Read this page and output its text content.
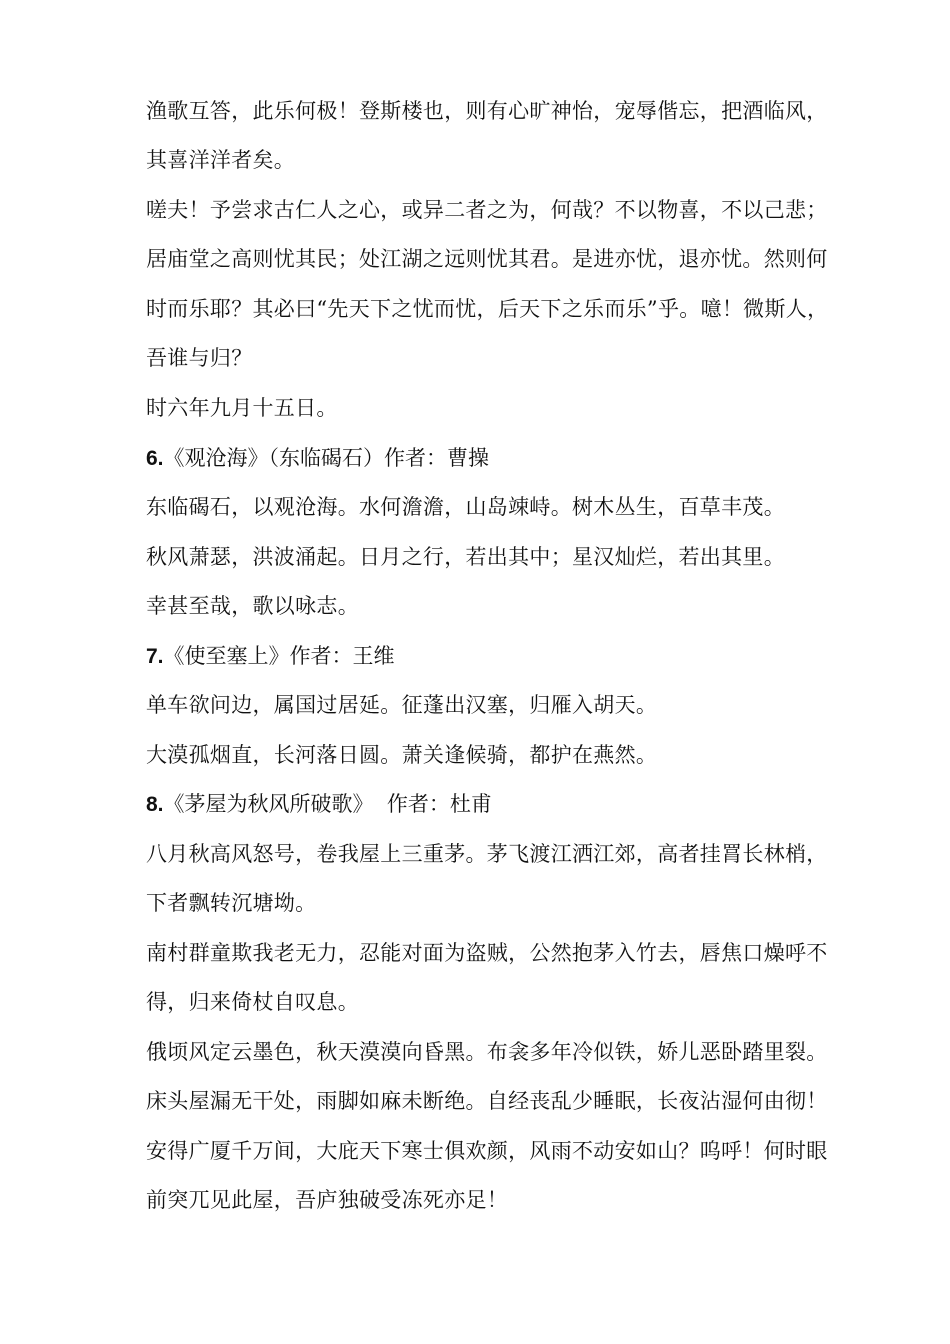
渔歌互答，此乐何极！登斯楼也，则有心旷神怡，宠辱偕忘，把酒临风，
其喜洋洋者矣。
嗟夫！予尝求古仁人之心，或异二者之为，何哉？不以物喜，不以己悲；
居庙堂之高则忧其民；处江湖之远则忧其君。是进亦忧，退亦忧。然则何
时而乐耶？其必曰“先天下之忧而忧，后天下之乐而乐”乎。噫！微斯人，
吾谁与归？
时六年九月十五日。
6.《观沧海》（东临碣石）作者：曹操
东临碣石，以观沧海。水何澹澹，山岛竦峙。树木丛生，百草丰茂。
秋风萧瑟，洪波涌起。日月之行，若出其中；星汉灿烂，若出其里。
幸甚至哉，歌以咏志。
7.《使至塞上》作者：王维
单车欲问边，属国过居延。征蓬出汉塞，归雁入胡天。
大漠孤烟直，长河落日圆。萧关逢候骑，都护在燕然。
8.《茅屋为秋风所破歌》  作者：杜甫
八月秋高风怒号，卷我屋上三重茅。茅飞渡江洒江郊，高者挂罥长林梢，
下者飘转沉塘坳。
南村群童欺我老无力，忍能对面为盗贼，公然抱茅入竹去，唇焦口燥呼不
得，归来倚杖自叹息。
俄顷风定云墨色，秋天漠漠向昏黑。布衾多年冷似铁，娇儿恶卧踏里裂。
床头屋漏无干处，雨脚如麻未断绝。自经丧乱少睡眠，长夜沾湿何由彻！
安得广厦千万间，大庇天下寒士俱欢颜，风雨不动安如山？呜呼！何时眼
前突兀见此屋，吾庐独破受冻死亦足！
